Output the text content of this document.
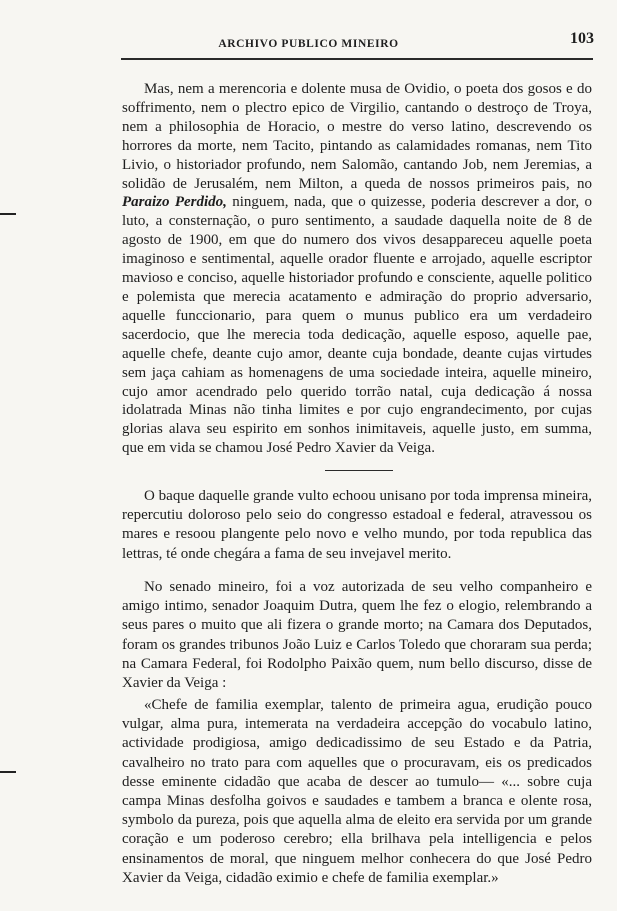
ARCHIVO PUBLICO MINEIRO	103

Mas, nem a merencoria e dolente musa de Ovidio, o poeta dos gosos e do soffrimento, nem o plectro epico de Virgilio, cantando o destroço de Troya, nem a philosophia de Horacio, o mestre do verso latino, descrevendo os horrores da morte, nem Tacito, pintando as calamidades romanas, nem Tito Livio, o historiador profundo, nem Salomão, cantando Job, nem Jeremias, a solidão de Jerusalém, nem Milton, a queda de nossos primeiros pais, no Paraizo Perdido, ninguem, nada, que o quizesse, poderia descrever a dor, o luto, a consternação, o puro sentimento, a saudade daquella noite de 8 de agosto de 1900, em que do numero dos vivos desappareceu aquelle poeta imaginoso e sentimental, aquelle orador fluente e arrojado, aquelle escriptor mavioso e conciso, aquelle historiador profundo e consciente, aquelle politico e polemista que merecia acatamento e admiração do proprio adversario, aquelle funccionario, para quem o munus publico era um verdadeiro sacerdocio, que lhe merecia toda dedicação, aquelle esposo, aquelle pae, aquelle chefe, deante cujo amor, deante cuja bondade, deante cujas virtudes sem jaça cahiam as homenagens de uma sociedade inteira, aquelle mineiro, cujo amor acendrado pelo querido torrão natal, cuja dedicação á nossa idolatrada Minas não tinha limites e por cujo engrandecimento, por cujas glorias alava seu espirito em sonhos inimitaveis, aquelle justo, em summa, que em vida se chamou José Pedro Xavier da Veiga.

O baque daquelle grande vulto echoou unisano por toda imprensa mineira, repercutiu doloroso pelo seio do congresso estadoal e federal, atravessou os mares e resoou plangente pelo novo e velho mundo, por toda republica das lettras, té onde chegára a fama de seu invejavel merito.

No senado mineiro, foi a voz autorizada de seu velho companheiro e amigo intimo, senador Joaquim Dutra, quem lhe fez o elogio, relembrando a seus pares o muito que ali fizera o grande morto; na Camara dos Deputados, foram os grandes tribunos João Luiz e Carlos Toledo que choraram sua perda; na Camara Federal, foi Rodolpho Paixão quem, num bello discurso, disse de Xavier da Veiga :

«Chefe de familia exemplar, talento de primeira agua, erudição pouco vulgar, alma pura, intemerata na verdadeira accepção do vocabulo latino, actividade prodigiosa, amigo dedicadissimo de seu Estado e da Patria, cavalheiro no trato para com aquelles que o procuravam, eis os predicados desse eminente cidadão que acaba de descer ao tumulo— «... sobre cuja campa Minas desfolha goivos e saudades e tambem a branca e olente rosa, symbolo da pureza, pois que aquella alma de eleito era servida por um grande coração e um poderoso cerebro; ella brilhava pela intelligencia e pelos ensinamentos de moral, que ninguem melhor conhecera do que José Pedro Xavier da Veiga, cidadão eximio e chefe de familia exemplar.»
